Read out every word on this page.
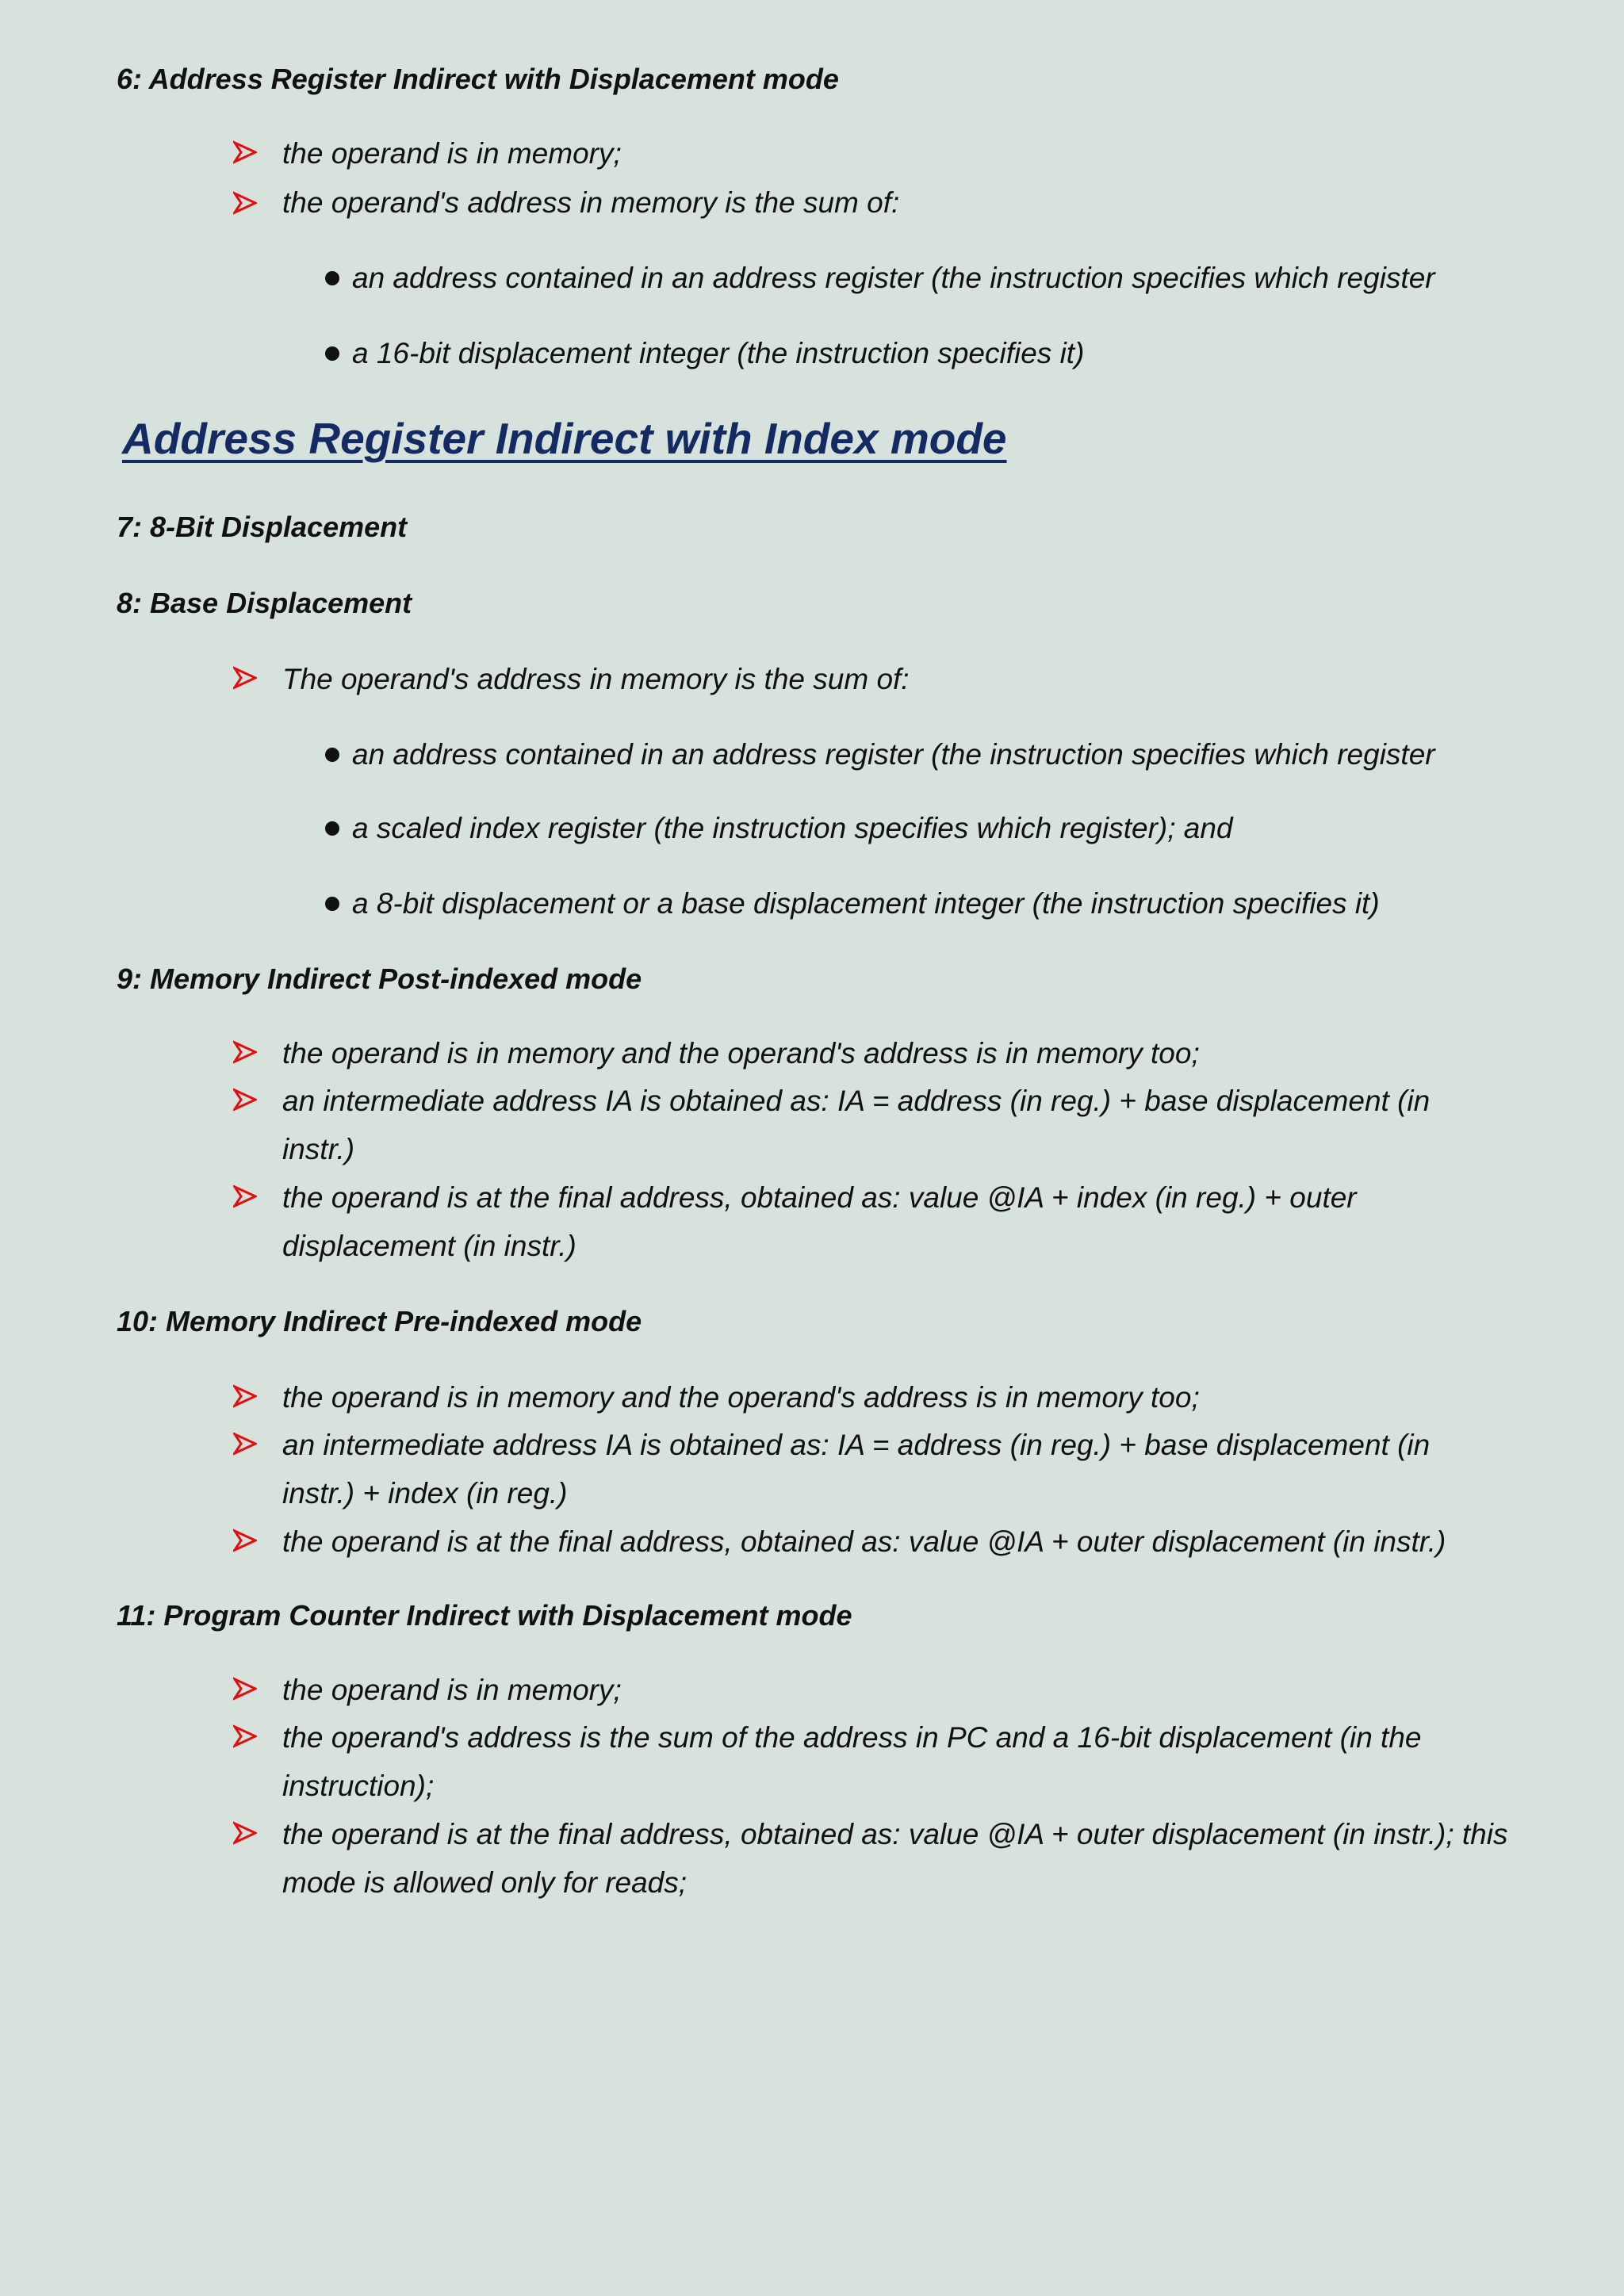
6: Address Register Indirect with Displacement mode
the operand is in memory;
the operand's address in memory is the sum of:
an address contained in an address register (the instruction specifies which register
a 16-bit displacement integer (the instruction specifies it)
Address Register Indirect with Index mode
7: 8-Bit Displacement
8: Base Displacement
The operand's address in memory is the sum of:
an address contained in an address register (the instruction specifies which register
a scaled index register (the instruction specifies which register); and
a 8-bit displacement or a base displacement integer (the instruction specifies it)
9: Memory Indirect Post-indexed mode
the operand is in memory and the operand's address is in memory too;
an intermediate address IA is obtained as: IA = address (in reg.) + base displacement (in instr.)
the operand is at the final address, obtained as: value @IA + index (in reg.) + outer displacement (in instr.)
10: Memory Indirect Pre-indexed mode
the operand is in memory and the operand's address is in memory too;
an intermediate address IA is obtained as: IA = address (in reg.) + base displacement (in instr.) + index (in reg.)
the operand is at the final address, obtained as: value @IA + outer displacement (in instr.)
11: Program Counter Indirect with Displacement mode
the operand is in memory;
the operand's address is the sum of the address in PC and a 16-bit displacement (in the instruction);
the operand is at the final address, obtained as: value @IA + outer displacement (in instr.); this mode is allowed only for reads;
